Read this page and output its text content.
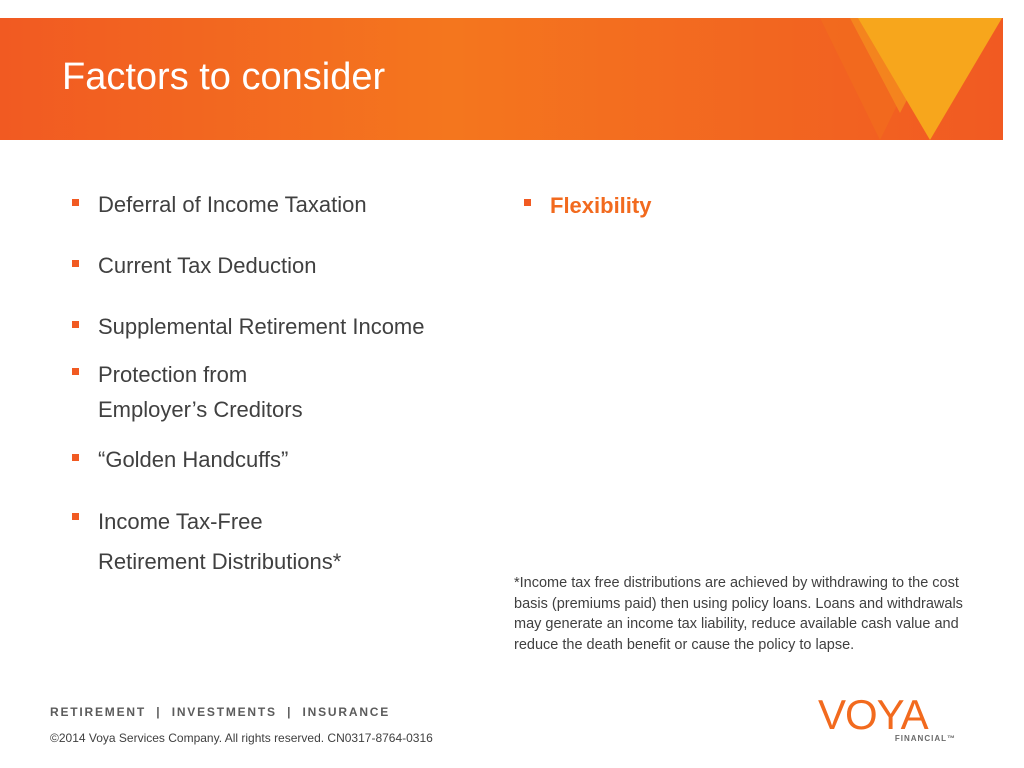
Factors to consider
Deferral of Income Taxation
Current Tax Deduction
Supplemental Retirement Income
Protection from
Employer’s Creditors
“Golden Handcuffs”
Income Tax-Free
Retirement Distributions*
Flexibility
*Income tax free distributions are achieved by withdrawing to the cost basis (premiums paid) then using policy loans. Loans and withdrawals may generate an income tax liability, reduce available cash value and reduce the death benefit or cause the policy to lapse.
RETIREMENT  |  INVESTMENTS  |  INSURANCE
©2014 Voya Services Company. All rights reserved. CN0317-8764-0316	VOYA
FINANCIAL™
